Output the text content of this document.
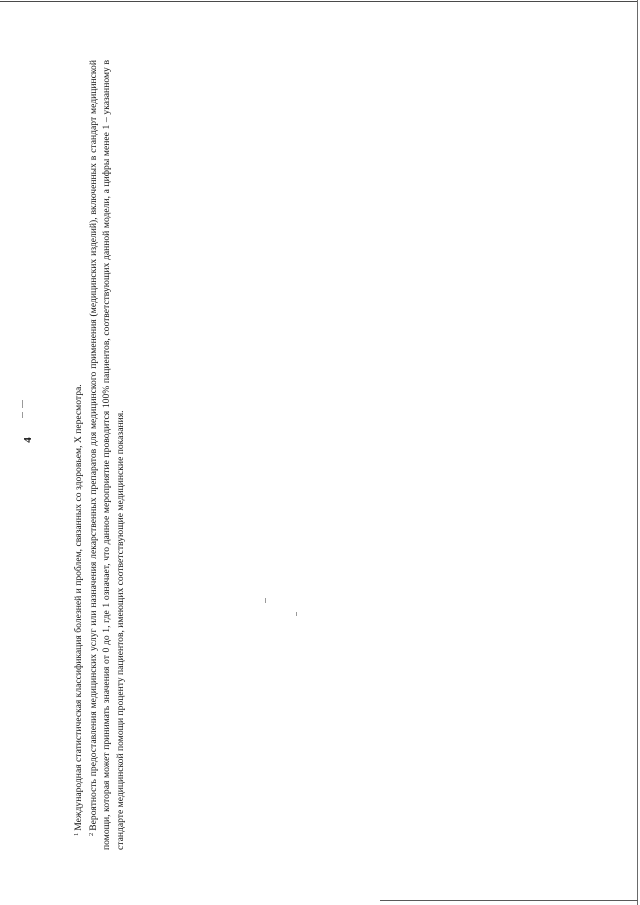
4

$^1$Международная статистическая классификация болезней и проблем, связанных со здоровьем, X пересмотра.

$^2$Вероятность предоставления медицинских услуг или назначения лекарственных препаратов для медицинского применения (медицинских изделий), включенных в стандарт медицинской помощи, которая может принимать значения от 0 до 1, где 1 означает, что данное мероприятие проводится 100% пациентов, соответствующих данной модели, а цифры менее 1 – указанному в стандарте медицинской помощи проценту пациентов, имеющих соответствующие медицинские показания.
